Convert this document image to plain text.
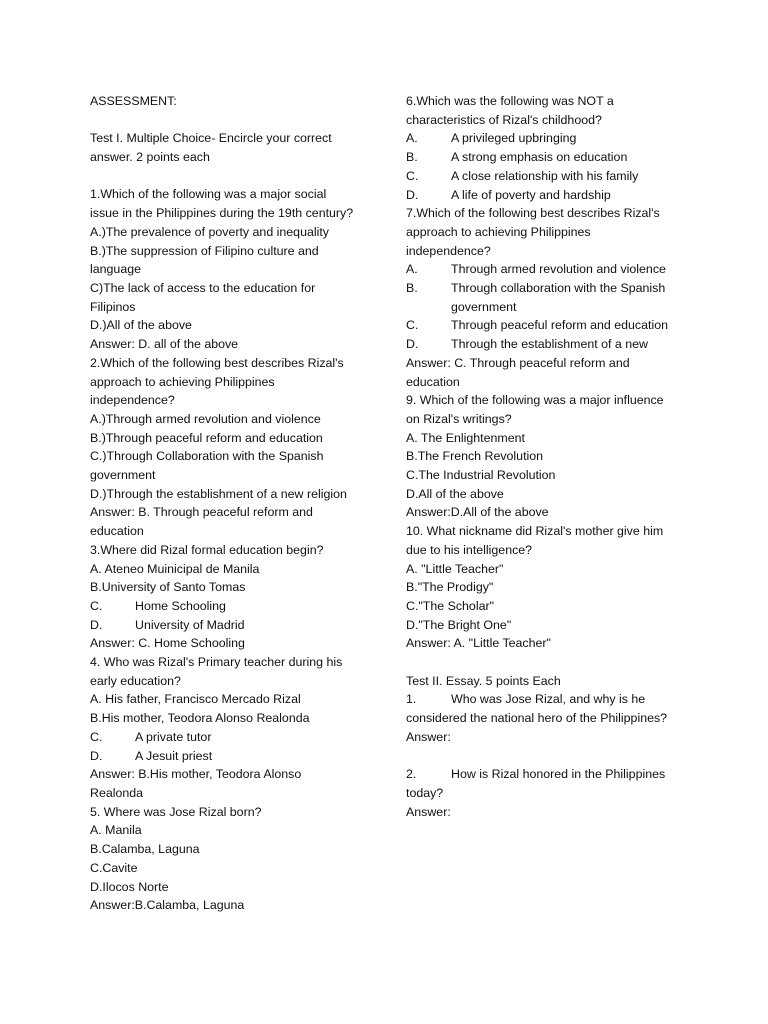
ASSESSMENT:
Test I. Multiple Choice- Encircle your correct
answer. 2 points each
1.Which of the following was a major social
issue in the Philippines during the 19th century?
A.)The prevalence of poverty and inequality
B.)The suppression of Filipino culture and
language
C)The lack of access to the education for
Filipinos
D.)All of the above
Answer: D. all of the above
2.Which of the following best describes Rizal's
approach to achieving Philippines
independence?
A.)Through armed revolution and violence
B.)Through peaceful reform and education
C.)Through Collaboration with the Spanish
government
D.)Through the establishment of a new religion
Answer: B. Through peaceful reform and
education
3.Where did Rizal formal education begin?
A. Ateneo Muinicipal de Manila
B.University of Santo Tomas
C.	Home Schooling
D.	University of Madrid
Answer: C. Home Schooling
4. Who was Rizal's Primary teacher during his
early education?
A. His father, Francisco Mercado Rizal
B.His mother, Teodora Alonso Realonda
C.	A private tutor
D.	A Jesuit priest
Answer: B.His mother, Teodora Alonso
Realonda
5. Where was Jose Rizal born?
A. Manila
B.Calamba, Laguna
C.Cavite
D.Ilocos Norte
Answer:B.Calamba, Laguna
6.Which was the following was NOT a
characteristics of Rizal's childhood?
A.	A privileged upbringing
B.	A strong emphasis on education
C.	A close relationship with his family
D.	A life of poverty and hardship
7.Which of the following best describes Rizal's
approach to achieving Philippines
independence?
A.	Through armed revolution and violence
B.	Through collaboration with the Spanish government
C.	Through peaceful reform and education
D.	Through the establishment of a new
Answer: C. Through peaceful reform and
education
9. Which of the following was a major influence
on Rizal's writings?
A. The Enlightenment
B.The French Revolution
C.The Industrial Revolution
D.All of the above
Answer:D.All of the above
10. What nickname did Rizal's mother give him
due to his intelligence?
A. "Little Teacher"
B."The Prodigy"
C."The Scholar"
D."The Bright One"
Answer: A. "Little Teacher"
Test II. Essay. 5 points Each
1.	Who was Jose Rizal, and why is he
considered the national hero of the Philippines?
Answer:
2.	How is Rizal honored in the Philippines
today?
Answer:
